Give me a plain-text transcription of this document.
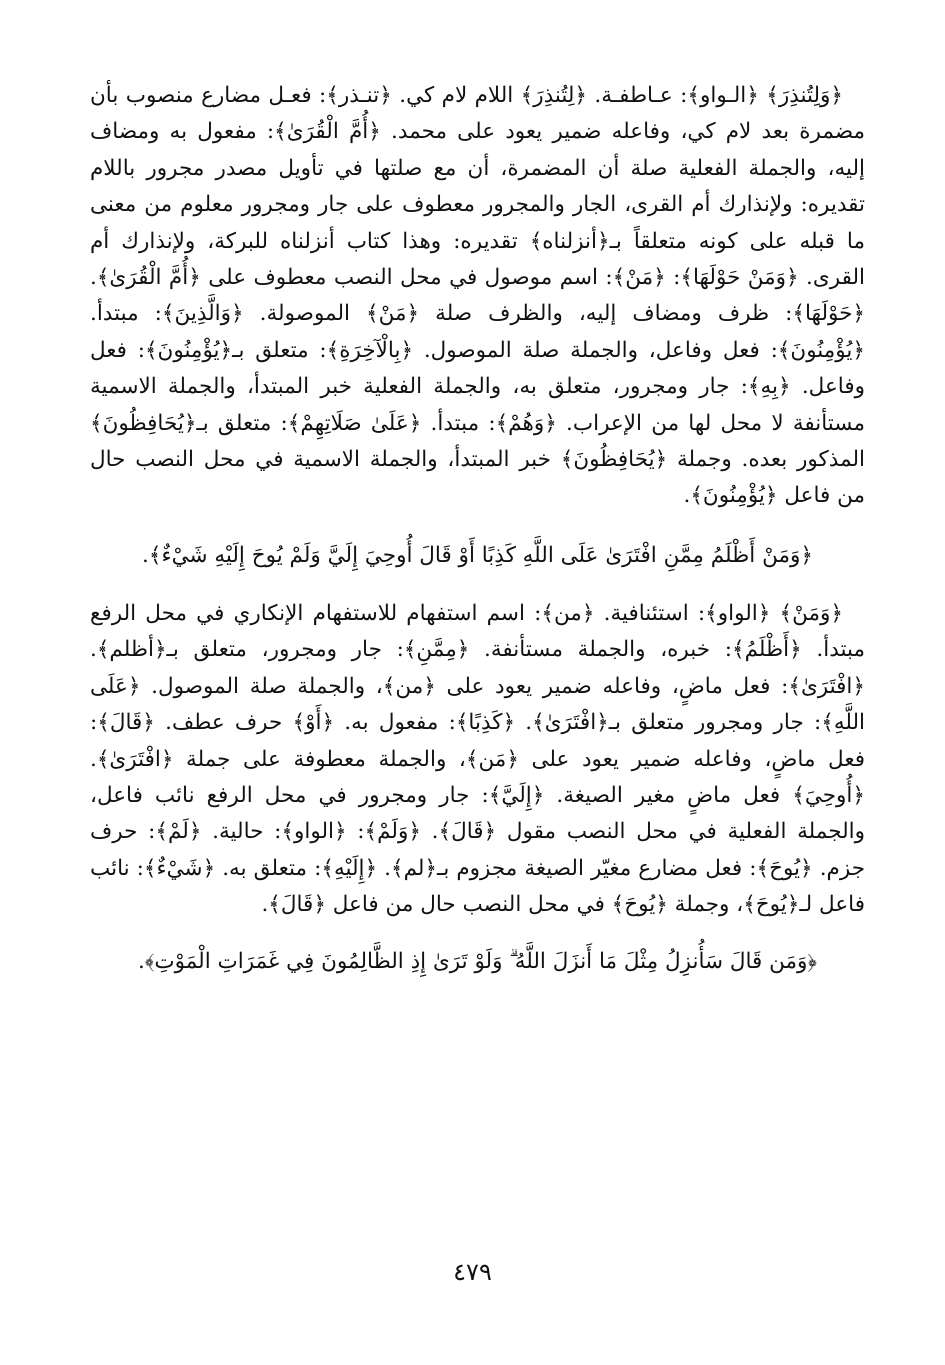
﴿وَلِتُنذِرَ﴾ ﴿الـواو﴾: عـاطفـة. ﴿لِتُنذِرَ﴾ اللام لام كي. ﴿تنـذر﴾: فعـل مضارع منصوب بأن مضمرة بعد لام كي، وفاعله ضمير يعود على محمد. ﴿أُمَّ الْقُرَىٰ﴾: مفعول به ومضاف إليه، والجملة الفعلية صلة أن المضمرة، أن مع صلتها في تأويل مصدر مجرور باللام تقديره: ولإنذارك أم القرى، الجار والمجرور معطوف على جار ومجرور معلوم من معنى ما قبله على كونه متعلقاً بـ﴿أنزلناه﴾ تقديره: وهذا كتاب أنزلناه للبركة، ولإنذارك أم القرى. ﴿وَمَنْ حَوْلَهَا﴾: ﴿مَنْ﴾: اسم موصول في محل النصب معطوف على ﴿أُمَّ الْقُرَىٰ﴾. ﴿حَوْلَهَا﴾: ظرف ومضاف إليه، والظرف صلة ﴿مَنْ﴾ الموصولة. ﴿وَالَّذِينَ﴾: مبتدأ. ﴿يُؤْمِنُونَ﴾: فعل وفاعل، والجملة صلة الموصول. ﴿بِالْآخِرَةِ﴾: متعلق بـ﴿يُؤْمِنُونَ﴾: فعل وفاعل. ﴿بِهِ﴾: جار ومجرور، متعلق به، والجملة الفعلية خبر المبتدأ، والجملة الاسمية مستأنفة لا محل لها من الإعراب. ﴿وَهُمْ﴾: مبتدأ. ﴿عَلَىٰ صَلَاتِهِمْ﴾: متعلق بـ﴿يُحَافِظُونَ﴾ المذكور بعده. وجملة ﴿يُحَافِظُونَ﴾ خبر المبتدأ، والجملة الاسمية في محل النصب حال من فاعل ﴿يُؤْمِنُونَ﴾.

﴿وَمَنْ أَظْلَمُ مِمَّنِ افْتَرَىٰ عَلَى اللَّهِ كَذِبًا أَوْ قَالَ أُوحِيَ إِلَيَّ وَلَمْ يُوحَ إِلَيْهِ شَيْءٌ﴾.

﴿وَمَنْ﴾ ﴿الواو﴾: استئنافية. ﴿من﴾: اسم استفهام للاستفهام الإنكاري في محل الرفع مبتدأ. ﴿أَظْلَمُ﴾: خبره، والجملة مستأنفة. ﴿مِمَّنِ﴾: جار ومجرور، متعلق بـ﴿أظلم﴾. ﴿افْتَرَىٰ﴾: فعل ماضٍ، وفاعله ضمير يعود على ﴿من﴾، والجملة صلة الموصول. ﴿عَلَى اللَّهِ﴾: جار ومجرور متعلق بـ﴿افْتَرَىٰ﴾. ﴿كَذِبًا﴾: مفعول به. ﴿أَوْ﴾ حرف عطف. ﴿قَالَ﴾: فعل ماضٍ، وفاعله ضمير يعود على ﴿مَن﴾، والجملة معطوفة على جملة ﴿افْتَرَىٰ﴾. ﴿أُوحِيَ﴾ فعل ماضٍ مغير الصيغة. ﴿إِلَيَّ﴾: جار ومجرور في محل الرفع نائب فاعل، والجملة الفعلية في محل النصب مقول ﴿قَالَ﴾. ﴿وَلَمْ﴾: ﴿الواو﴾: حالية. ﴿لَمْ﴾: حرف جزم. ﴿يُوحَ﴾: فعل مضارع مغيّر الصيغة مجزوم بـ﴿لم﴾. ﴿إِلَيْهِ﴾: متعلق به. ﴿شَيْءٌ﴾: نائب فاعل لـ﴿يُوحَ﴾، وجملة ﴿يُوحَ﴾ في محل النصب حال من فاعل ﴿قَالَ﴾.

﴿وَمَن قَالَ سَأُنزِلُ مِثْلَ مَا أَنزَلَ اللَّهُ ۗ وَلَوْ تَرَىٰ إِذِ الظَّالِمُونَ فِي غَمَرَاتِ الْمَوْتِ﴾.

٤٧٩
